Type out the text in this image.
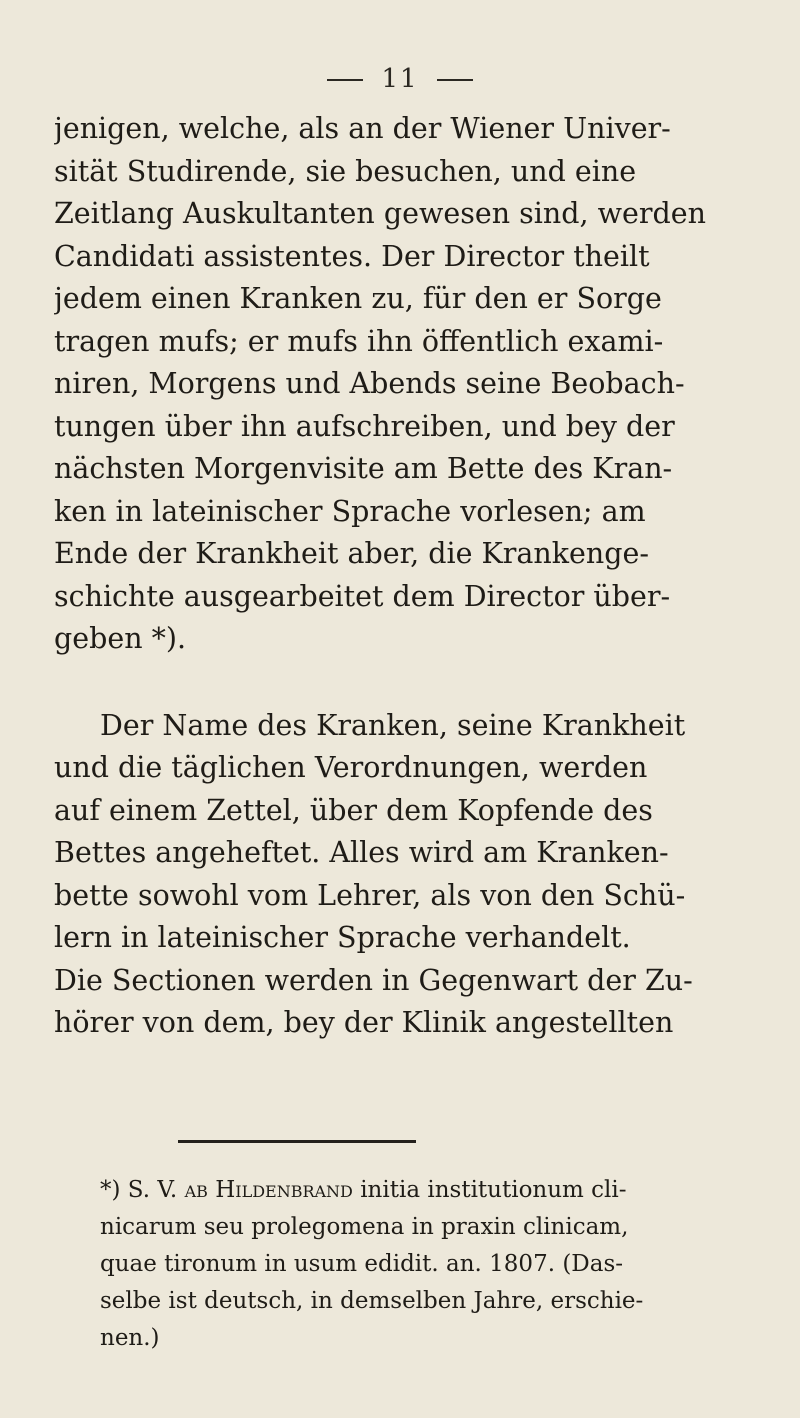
11
jenigen, welche, als an der Wiener Univer-
sität Studirende, sie besuchen, und eine
Zeitlang Auskultanten gewesen sind, werden
Candidati assistentes. Der Director theilt
jedem einen Kranken zu, für den er Sorge
tragen mufs; er mufs ihn öffentlich exami-
niren, Morgens und Abends seine Beobach-
tungen über ihn aufschreiben, und bey der
nächsten Morgenvisite am Bette des Kran-
ken in lateinischer Sprache vorlesen; am
Ende der Krankheit aber, die Krankenge-
schichte ausgearbeitet dem Director über-
geben *).
Der Name des Kranken, seine Krankheit
und die täglichen Verordnungen, werden
auf einem Zettel, über dem Kopfende des
Bettes angeheftet. Alles wird am Kranken-
bette sowohl vom Lehrer, als von den Schü-
lern in lateinischer Sprache verhandelt.
Die Sectionen werden in Gegenwart der Zu-
hörer von dem, bey der Klinik angestellten
*) S. V. ab Hildenbrand initia institutionum cli-
nicarum seu prolegomena in praxin clinicam,
quae tironum in usum edidit. an. 1807. (Das-
selbe ist deutsch, in demselben Jahre, erschie-
nen.)
